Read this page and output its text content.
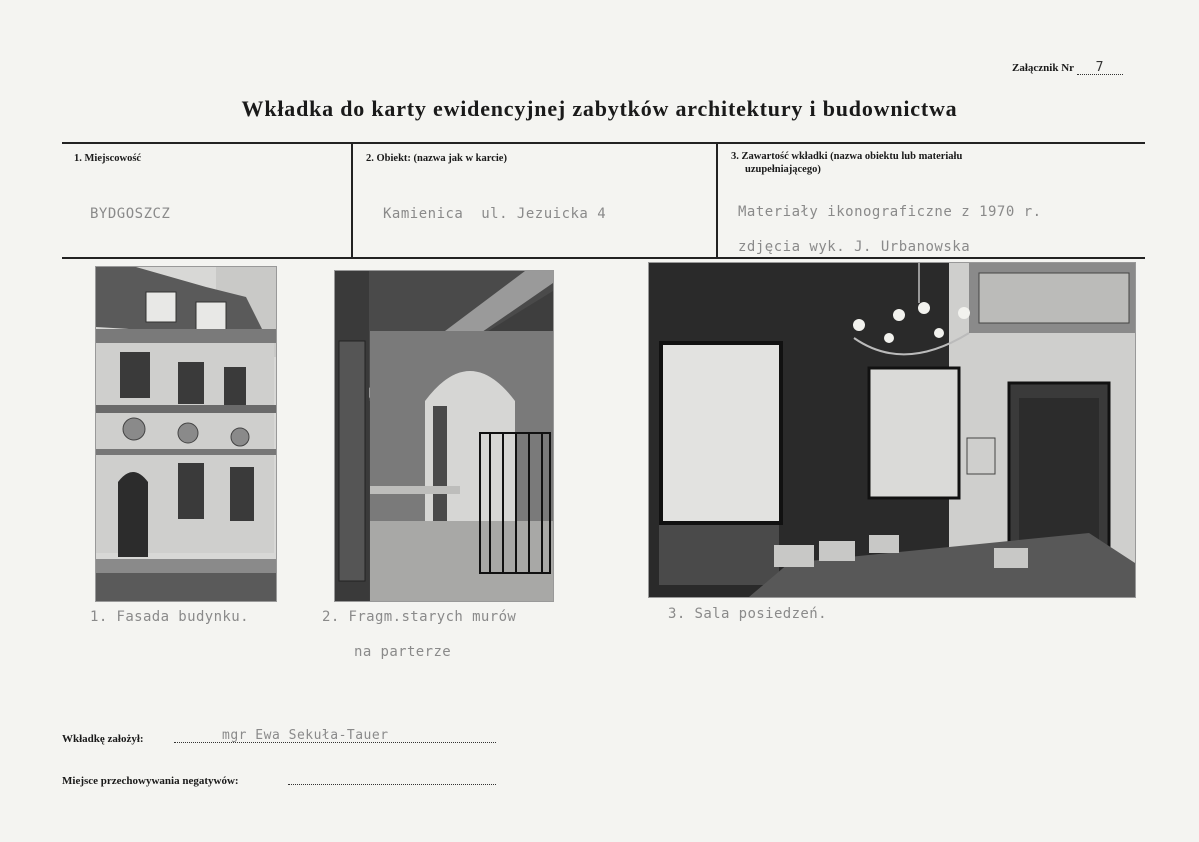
Załącznik Nr 7
Wkładka do karty ewidencyjnej zabytków architektury i budownictwa
1. Miejscowość
BYDGOSZCZ
2. Obiekt: (nazwa jak w karcie)
Kamienica  ul. Jezuicka 4
3. Zawartość wkładki (nazwa obiektu lub materiału
uzupełniającego)
Materiały ikonograficzne z 1970 r.
zdjęcia wyk. J. Urbanowska
1. Fasada budynku.	2. Fragm.starych murów
na parterze
3. Sala posiedzeń.
Wkładkę założył:	mgr Ewa Sekuła-Tauer
Miejsce przechowywania negatywów:
